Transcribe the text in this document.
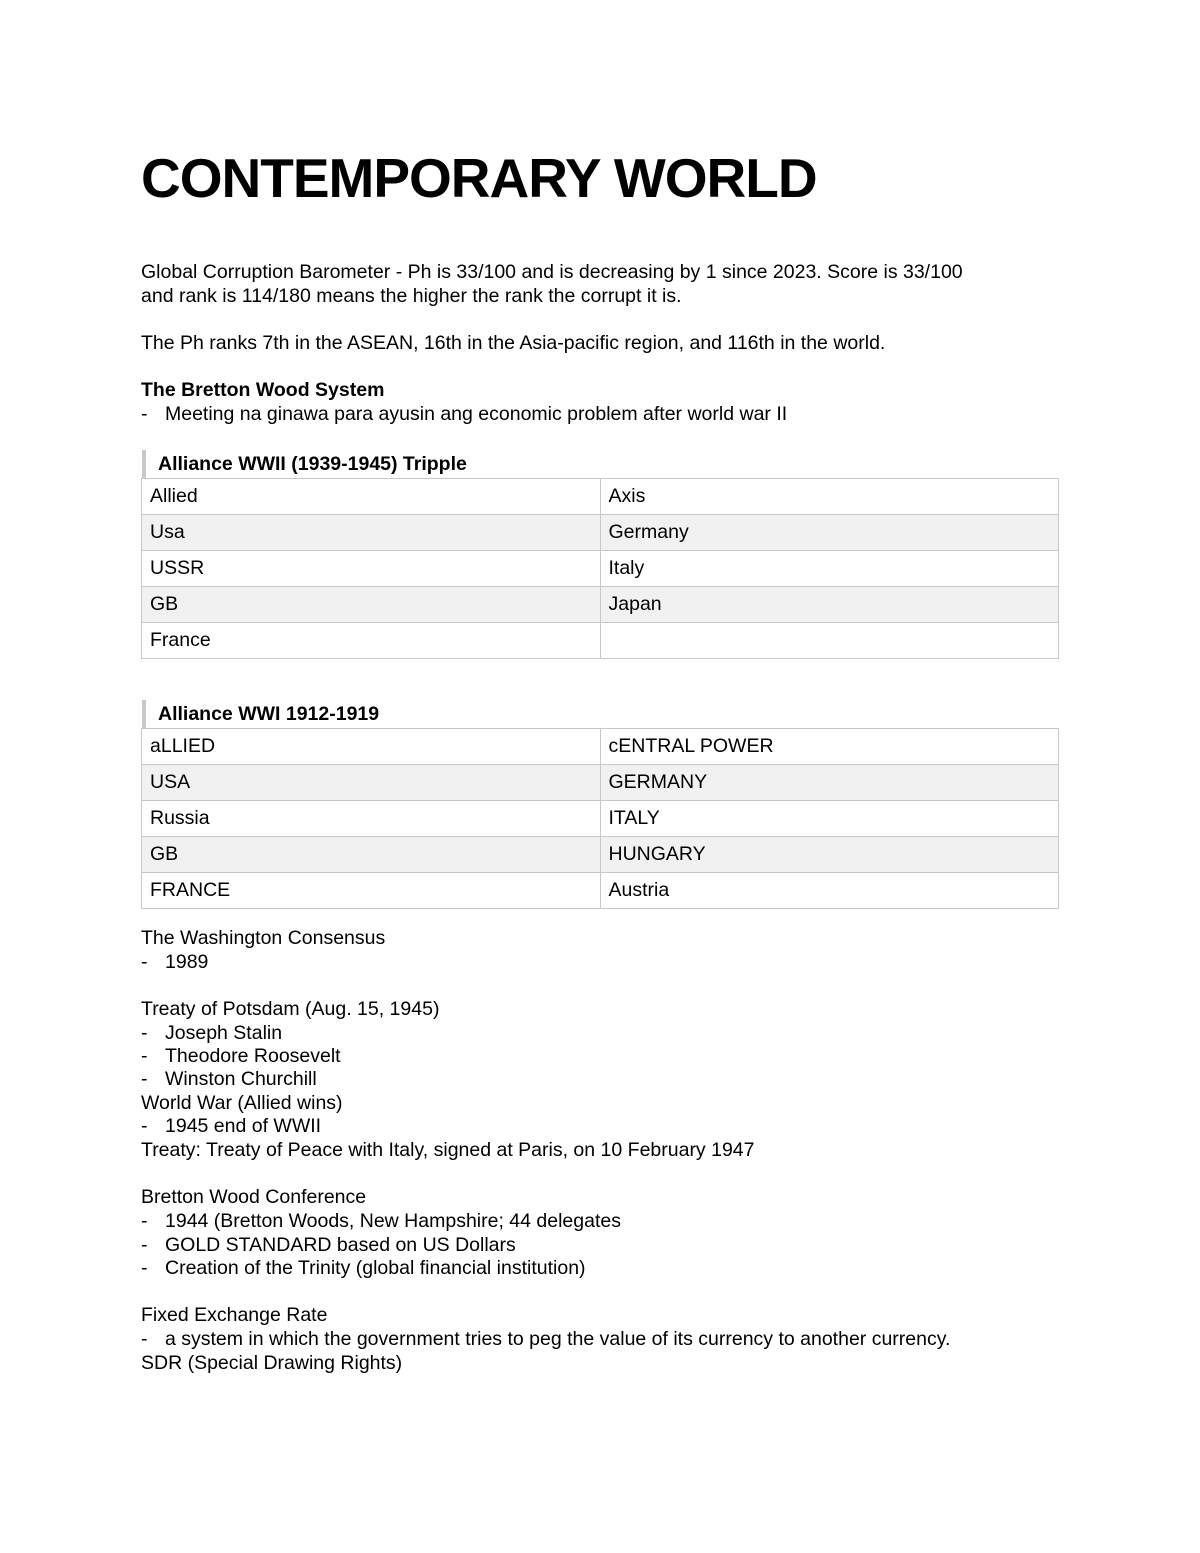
CONTEMPORARY WORLD

Global Corruption Barometer - Ph is 33/100 and is decreasing by 1 since 2023. Score is 33/100

and rank is 114/180 means the higher the rank the corrupt it is.

The Ph ranks 7th in the ASEAN, 16th in the Asia-pacific region, and 116th in the world.

The Bretton Wood System

- Meeting na ginawa para ayusin ang economic problem after world war II
Alliance WWII (1939-1945) Tripple
Allied	Axis
Usa	Germany
USSR	Italy
GB	Japan
France	
Alliance WWI 1912-1919
aLLIED	cENTRAL POWER
USA	GERMANY
Russia	ITALY
GB	HUNGARY
FRANCE	Austria

The Washington Consensus

- 1989

Treaty of Potsdam (Aug. 15, 1945)

- Joseph Stalin
- Theodore Roosevelt
- Winston Churchill

World War (Allied wins)

- 1945 end of WWII

Treaty: Treaty of Peace with Italy, signed at Paris, on 10 February 1947

Bretton Wood Conference

- 1944 (Bretton Woods, New Hampshire; 44 delegates
- GOLD STANDARD based on US Dollars
- Creation of the Trinity (global financial institution)

Fixed Exchange Rate

- a system in which the government tries to peg the value of its currency to another currency.

SDR (Special Drawing Rights)
